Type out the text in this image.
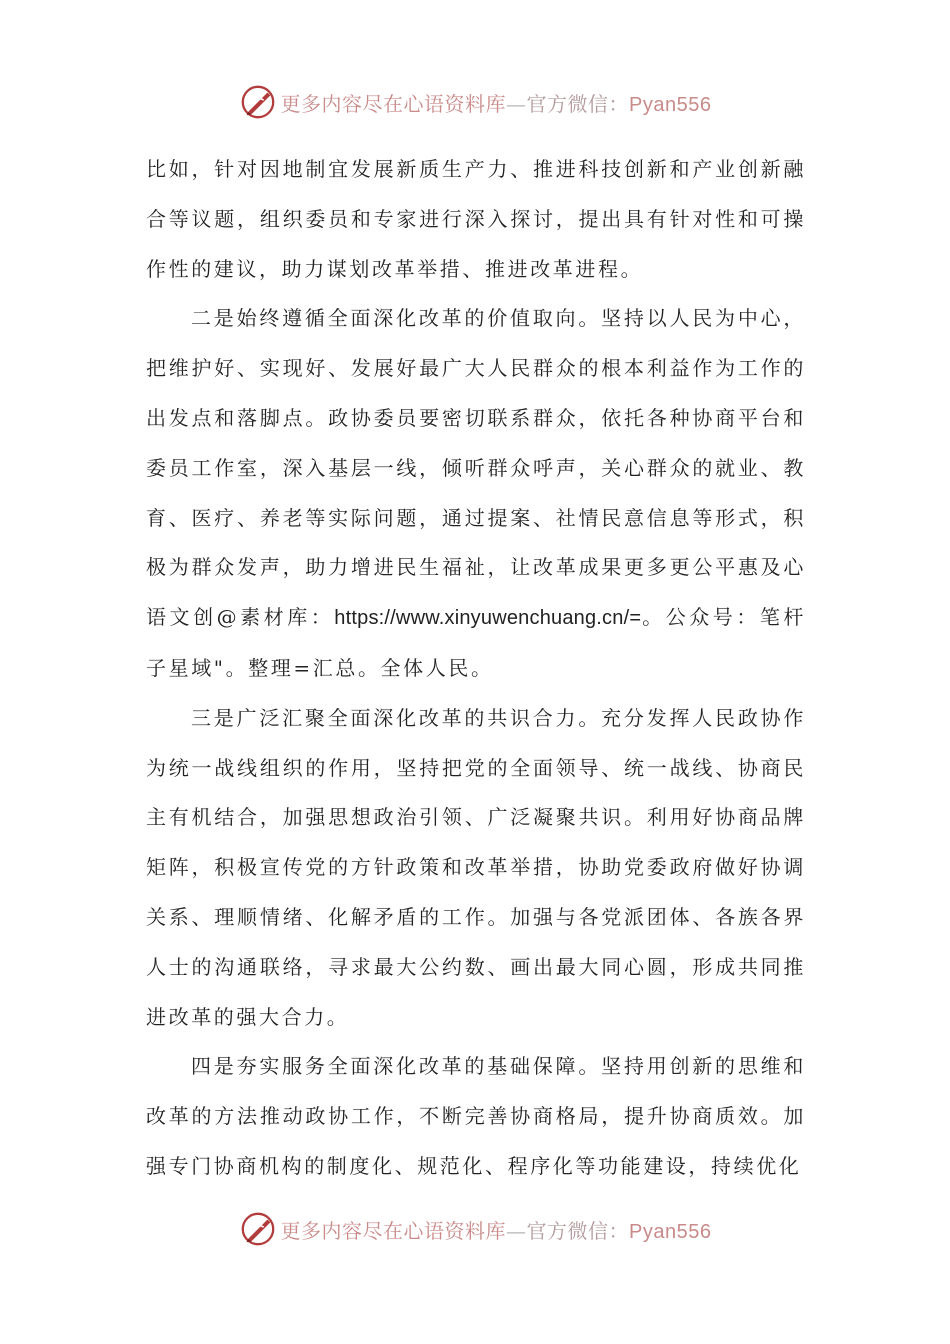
更多内容尽在心语资料库—官方微信：Pyan556

比如，针对因地制宜发展新质生产力、推进科技创新和产业创新融合等议题，组织委员和专家进行深入探讨，提出具有针对性和可操作性的建议，助力谋划改革举措、推进改革进程。

二是始终遵循全面深化改革的价值取向。坚持以人民为中心，把维护好、实现好、发展好最广大人民群众的根本利益作为工作的出发点和落脚点。政协委员要密切联系群众，依托各种协商平台和委员工作室，深入基层一线，倾听群众呼声，关心群众的就业、教育、医疗、养老等实际问题，通过提案、社情民意信息等形式，积极为群众发声，助力增进民生福祉，让改革成果更多更公平惠及心语文创@素材库：https://www.xinyuwenchuang.cn/=。公众号：笔杆子星域"。整理=汇总。全体人民。

三是广泛汇聚全面深化改革的共识合力。充分发挥人民政协作为统一战线组织的作用，坚持把党的全面领导、统一战线、协商民主有机结合，加强思想政治引领、广泛凝聚共识。利用好协商品牌矩阵，积极宣传党的方针政策和改革举措，协助党委政府做好协调关系、理顺情绪、化解矛盾的工作。加强与各党派团体、各族各界人士的沟通联络，寻求最大公约数、画出最大同心圆，形成共同推进改革的强大合力。

四是夯实服务全面深化改革的基础保障。坚持用创新的思维和改革的方法推动政协工作，不断完善协商格局，提升协商质效。加强专门协商机构的制度化、规范化、程序化等功能建设，持续优化

更多内容尽在心语资料库—官方微信：Pyan556
